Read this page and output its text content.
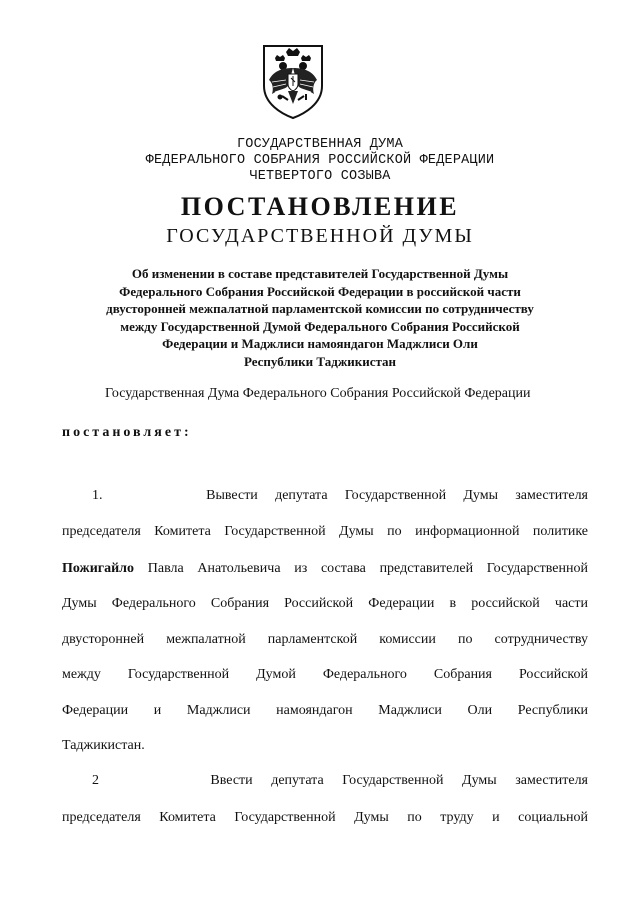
ГОСУДАРСТВЕННАЯ ДУМА
ФЕДЕРАЛЬНОГО СОБРАНИЯ РОССИЙСКОЙ ФЕДЕРАЦИИ
ЧЕТВЕРТОГО СОЗЫВА
ПОСТАНОВЛЕНИЕ
ГОСУДАРСТВЕННОЙ ДУМЫ
Об изменении в составе представителей Государственной Думы
Федерального Собрания Российской Федерации в российской части
двусторонней межпалатной парламентской комиссии по сотрудничеству
между Государственной Думой Федерального Собрания Российской
Федерации и Маджлиси намояндагон Маджлиси Оли
Республики Таджикистан
Государственная Дума Федерального Собрания Российской Федерации
постановляет:
1.	Вывести депутата Государственной Думы заместителя
председателя Комитета Государственной Думы по информационной политике
Пожигайло Павла Анатольевича из состава представителей Государственной
Думы Федерального Собрания Российской Федерации в российской части
двусторонней межпалатной парламентской комиссии по сотрудничеству
между Государственной Думой Федерального Собрания Российской
Федерации и Маджлиси намояндагон Маджлиси Оли Республики
Таджикистан.
2	Ввести депутата Государственной Думы заместителя
председателя Комитета Государственной Думы по труду и социальной
